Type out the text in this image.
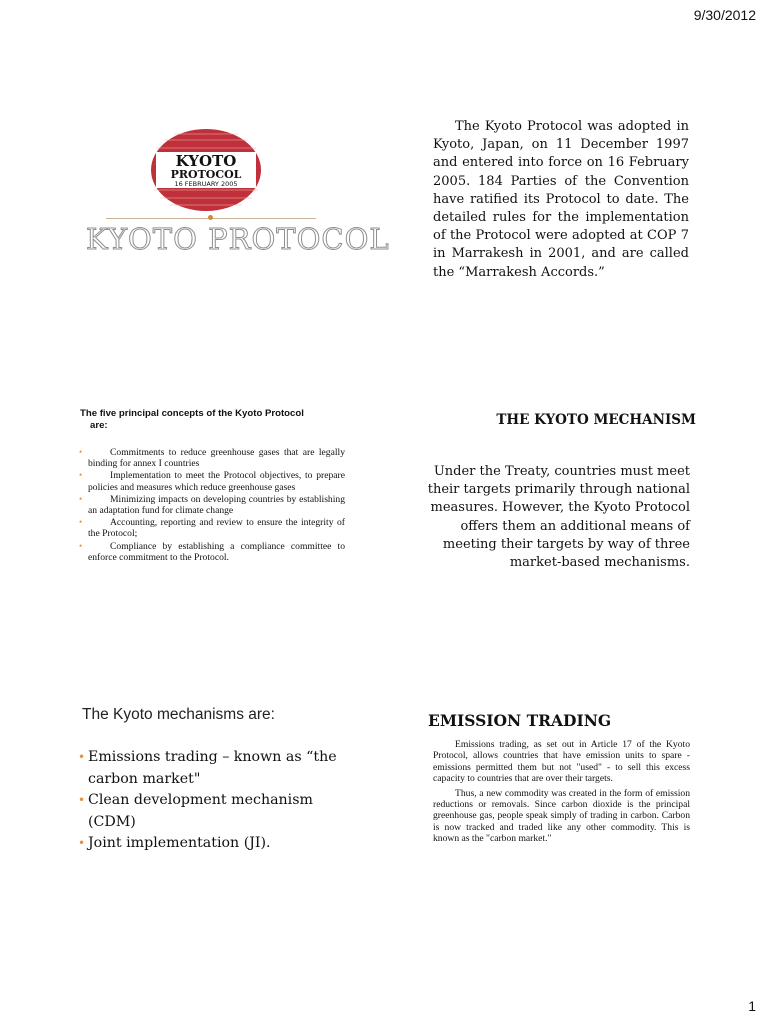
9/30/2012
KYOTO
PROTOCOL
16 FEBRUARY 2005
KYOTO PROTOCOL
The Kyoto Protocol was adopted in Kyoto, Japan, on 11 December 1997 and entered into force on 16 February 2005. 184 Parties of the Convention have ratified its Protocol to date. The detailed rules for the implementation of the Protocol were adopted at COP 7 in Marrakesh in 2001, and are called the “Marrakesh Accords.”
The five principal concepts of the Kyoto Protocol
are:
•	Commitments to reduce greenhouse gases that are legally binding for annex I countries
•	Implementation to meet the Protocol objectives, to prepare policies and measures which reduce greenhouse gases
•	Minimizing impacts on developing countries by establishing an adaptation fund for climate change
•	Accounting, reporting and review to ensure the integrity of the Protocol;
•	Compliance by establishing a compliance committee to enforce commitment to the Protocol.
THE KYOTO MECHANISM
Under the Treaty, countries must meet their targets primarily through national measures. However, the Kyoto Protocol offers them an additional means of meeting their targets by way of three market-based mechanisms.
The Kyoto mechanisms are:
• Emissions trading – known as “the carbon market"
• Clean development mechanism (CDM)
• Joint implementation (JI).
EMISSION TRADING

Emissions trading, as set out in Article 17 of the Kyoto Protocol, allows countries that have emission units to spare - emissions permitted them but not "used" - to sell this excess capacity to countries that are over their targets.

Thus, a new commodity was created in the form of emission reductions or removals. Since carbon dioxide is the principal greenhouse gas, people speak simply of trading in carbon. Carbon is now tracked and traded like any other commodity. This is known as the "carbon market."

1
